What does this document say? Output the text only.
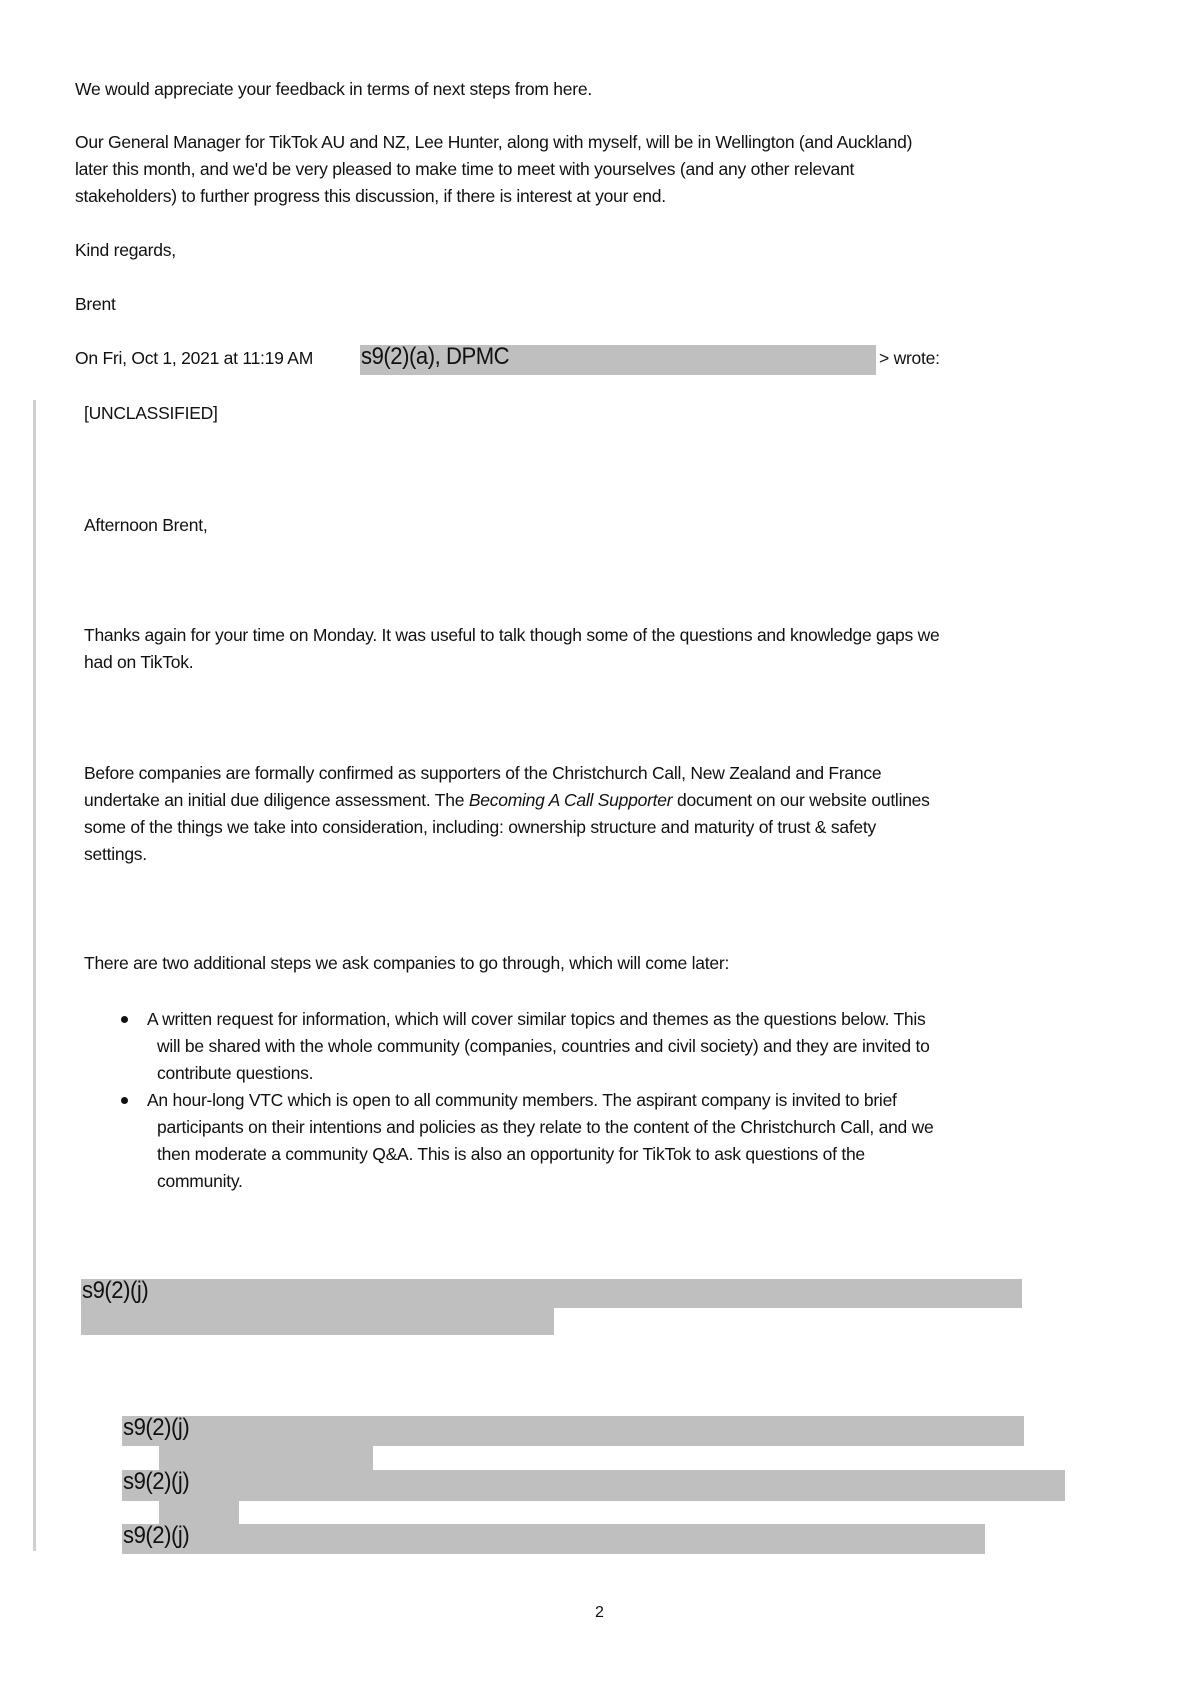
We would appreciate your feedback in terms of next steps from here.
Our General Manager for TikTok AU and NZ, Lee Hunter, along with myself, will be in Wellington (and Auckland)
later this month, and we'd be very pleased to make time to meet with yourselves (and any other relevant
stakeholders) to further progress this discussion, if there is interest at your end.
Kind regards,
Brent
On Fri, Oct 1, 2021 at 11:19 AM s9(2)(a), DPMC	> wrote:
[UNCLASSIFIED]
Afternoon Brent,
Thanks again for your time on Monday. It was useful to talk though some of the questions and knowledge gaps we
had on TikTok.
Before companies are formally confirmed as supporters of the Christchurch Call, New Zealand and France
undertake an initial due diligence assessment. The Becoming A Call Supporter document on our website outlines
some of the things we take into consideration, including: ownership structure and maturity of trust & safety
settings.
There are two additional steps we ask companies to go through, which will come later:
A written request for information, which will cover similar topics and themes as the questions below. This
will be shared with the whole community (companies, countries and civil society) and they are invited to
contribute questions.
An hour-long VTC which is open to all community members. The aspirant company is invited to brief
participants on their intentions and policies as they relate to the content of the Christchurch Call, and we
then moderate a community Q&A. This is also an opportunity for TikTok to ask questions of the
community.
s9(2)(j)
s9(2)(j)
s9(2)(j)
s9(2)(j)
2
